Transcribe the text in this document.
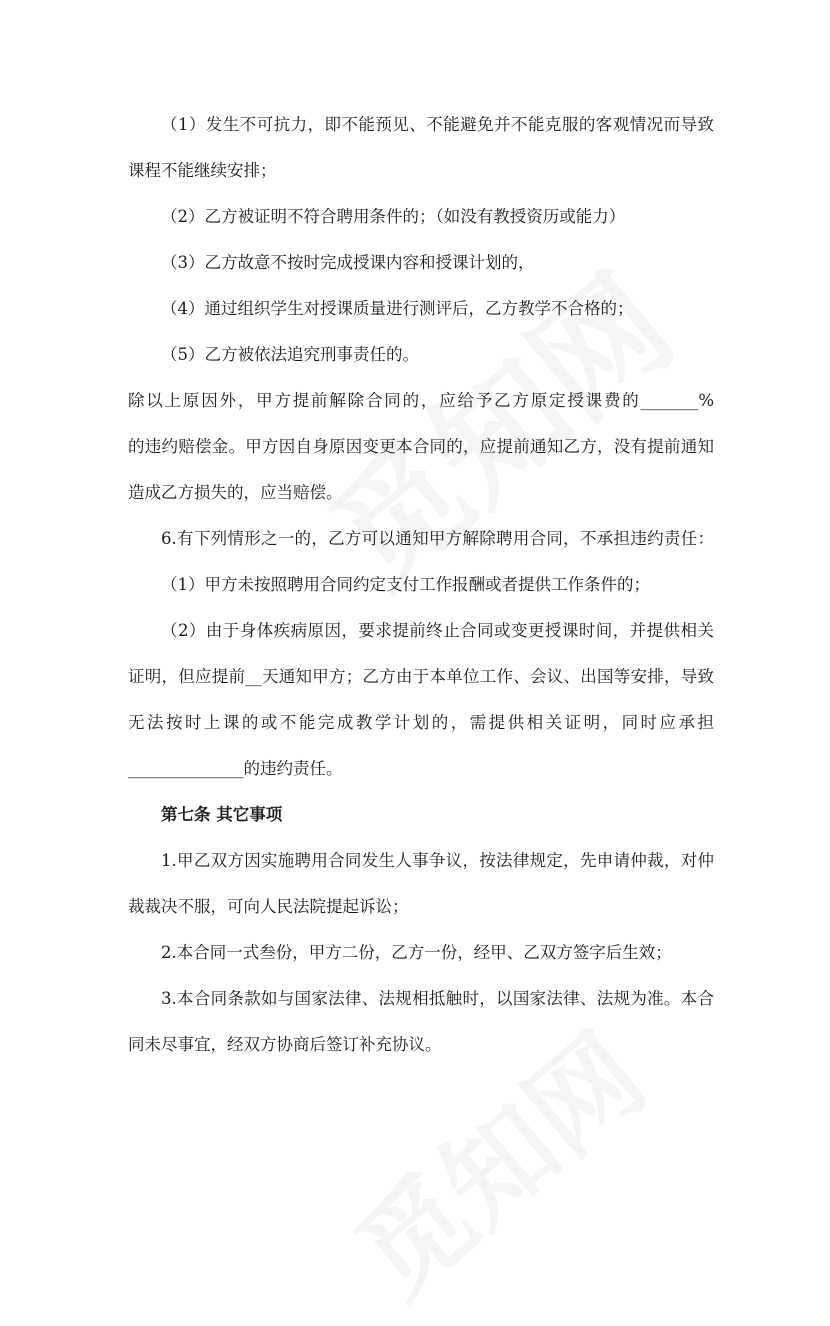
（1）发生不可抗力，即不能预见、不能避免并不能克服的客观情况而导致

课程不能继续安排；

（2）乙方被证明不符合聘用条件的；（如没有教授资历或能力）

（3）乙方故意不按时完成授课内容和授课计划的，

（4）通过组织学生对授课质量进行测评后，乙方教学不合格的；

（5）乙方被依法追究刑事责任的。

除以上原因外，甲方提前解除合同的，应给予乙方原定授课费的_______%

的违约赔偿金。甲方因自身原因变更本合同的，应提前通知乙方，没有提前通知

造成乙方损失的，应当赔偿。

6.有下列情形之一的，乙方可以通知甲方解除聘用合同，不承担违约责任：

（1）甲方未按照聘用合同约定支付工作报酬或者提供工作条件的；

（2）由于身体疾病原因，要求提前终止合同或变更授课时间，并提供相关

证明，但应提前__天通知甲方；乙方由于本单位工作、会议、出国等安排，导致

无法按时上课的或不能完成教学计划的，需提供相关证明，同时应承担

______________的违约责任。

第七条 其它事项

1.甲乙双方因实施聘用合同发生人事争议，按法律规定，先申请仲裁，对仲

裁裁决不服，可向人民法院提起诉讼；

2.本合同一式叁份，甲方二份，乙方一份，经甲、乙双方签字后生效；

3.本合同条款如与国家法律、法规相抵触时，以国家法律、法规为准。本合

同未尽事宜，经双方协商后签订补充协议。
